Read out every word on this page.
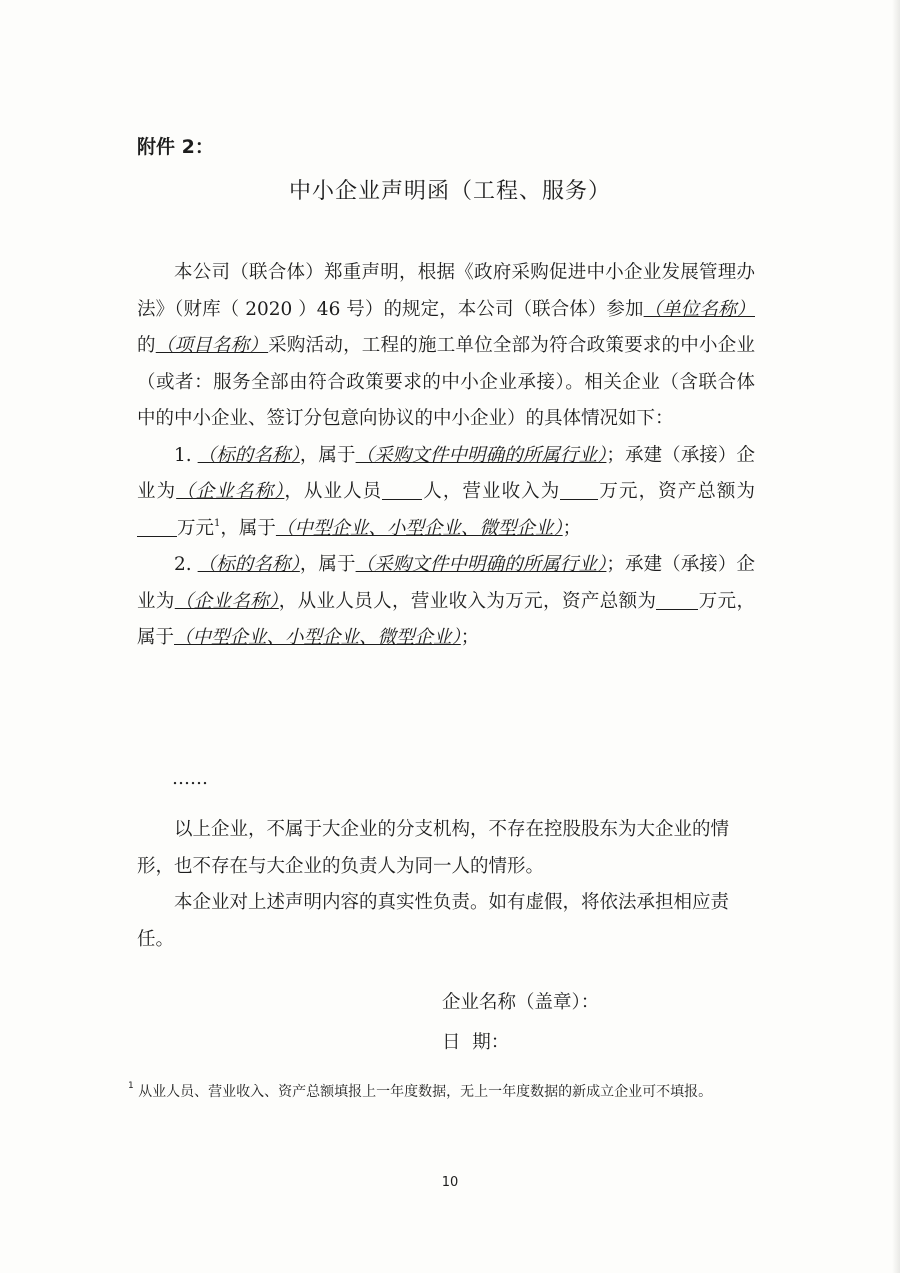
附件 2：
中小企业声明函（工程、服务）

本公司（联合体）郑重声明，根据《政府采购促进中小企业发展管理办法》（财库（ 2020 ）46 号）的规定，本公司（联合体）参加（单位名称）的（项目名称）采购活动，工程的施工单位全部为符合政策要求的中小企业（或者：服务全部由符合政策要求的中小企业承接）。相关企业（含联合体中的中小企业、签订分包意向协议的中小企业）的具体情况如下：

1. （标的名称），属于（采购文件中明确的所属行业）；承建（承接）企业为（企业名称），从业人员 人，营业收入为 万元，资产总额为万元$^1$，属于（中型企业、小型企业、微型企业）；

2. （标的名称），属于（采购文件中明确的所属行业）；承建（承接）企业为（企业名称），从业人员人，营业收入为万元，资产总额为 万元，属于（中型企业、小型企业、微型企业）；

……

以上企业，不属于大企业的分支机构，不存在控股股东为大企业的情形，也不存在与大企业的负责人为同一人的情形。

本企业对上述声明内容的真实性负责。如有虚假，将依法承担相应责任。

企业名称（盖章）：
日  期：
$^1$ 从业人员、营业收入、资产总额填报上一年度数据，无上一年度数据的新成立企业可不填报。
10
